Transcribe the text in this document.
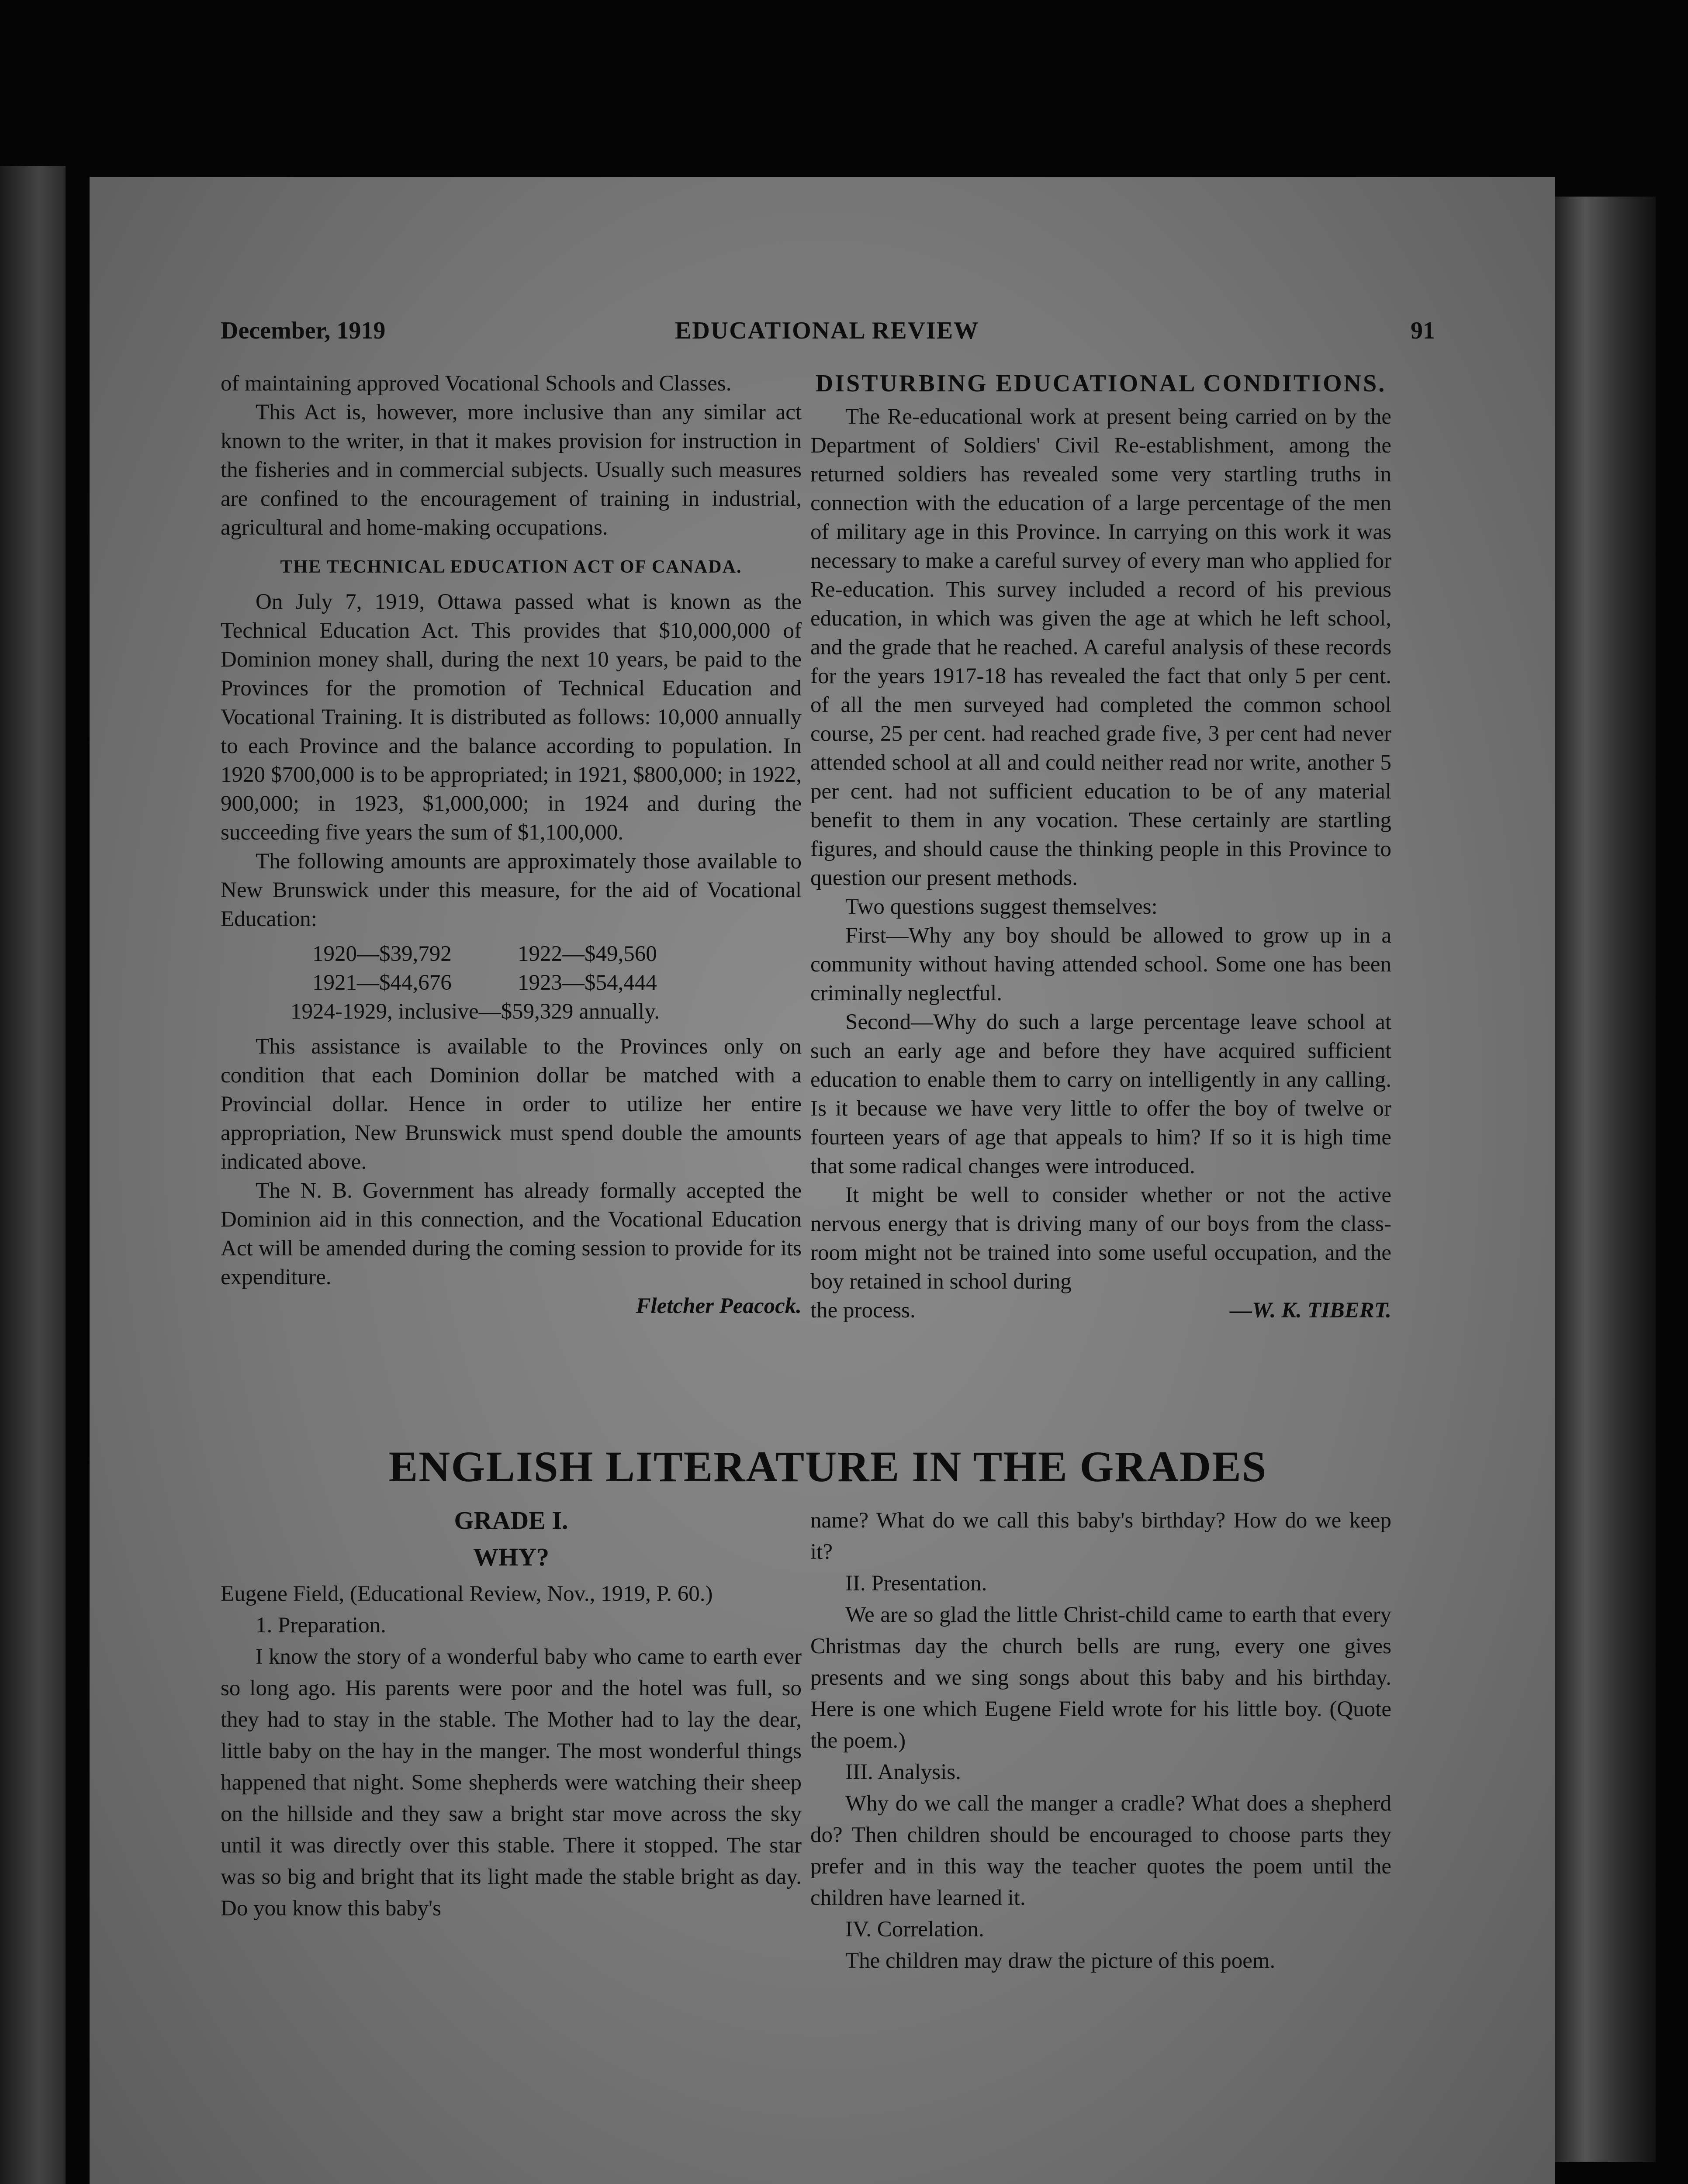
December, 1919	EDUCATIONAL REVIEW	91

of maintaining approved Vocational Schools and Classes.

This Act is, however, more inclusive than any similar act known to the writer, in that it makes provision for instruction in the fisheries and in commercial subjects. Usually such measures are confined to the encouragement of training in industrial, agricultural and home-making occupations.

THE TECHNICAL EDUCATION ACT OF CANADA.

On July 7, 1919, Ottawa passed what is known as the Technical Education Act. This provides that $10,000,000 of Dominion money shall, during the next 10 years, be paid to the Provinces for the promotion of Technical Education and Vocational Training. It is distributed as follows: 10,000 annually to each Province and the balance according to population. In 1920 $700,000 is to be appropriated; in 1921, $800,000; in 1922, 900,000; in 1923, $1,000,000; in 1924 and during the succeeding five years the sum of $1,100,000.

The following amounts are approximately those available to New Brunswick under this measure, for the aid of Vocational Education:

1920—$39,792	1922—$49,560
1921—$44,676	1923—$54,444
1924-1929, inclusive—$59,329 annually.

This assistance is available to the Provinces only on condition that each Dominion dollar be matched with a Provincial dollar. Hence in order to utilize her entire appropriation, New Brunswick must spend double the amounts indicated above.

The N. B. Government has already formally accepted the Dominion aid in this connection, and the Vocational Education Act will be amended during the coming session to provide for its expenditure.

Fletcher Peacock.

DISTURBING EDUCATIONAL CONDITIONS.

The Re-educational work at present being carried on by the Department of Soldiers' Civil Re-establishment, among the returned soldiers has revealed some very startling truths in connection with the education of a large percentage of the men of military age in this Province. In carrying on this work it was necessary to make a careful survey of every man who applied for Re-education. This survey included a record of his previous education, in which was given the age at which he left school, and the grade that he reached. A careful analysis of these records for the years 1917-18 has revealed the fact that only 5 per cent. of all the men surveyed had completed the common school course, 25 per cent. had reached grade five, 3 per cent had never attended school at all and could neither read nor write, another 5 per cent. had not sufficient education to be of any material benefit to them in any vocation. These certainly are startling figures, and should cause the thinking people in this Province to question our present methods.

Two questions suggest themselves:

First—Why any boy should be allowed to grow up in a community without having attended school. Some one has been criminally neglectful.

Second—Why do such a large percentage leave school at such an early age and before they have acquired sufficient education to enable them to carry on intelligently in any calling. Is it because we have very little to offer the boy of twelve or fourteen years of age that appeals to him? If so it is high time that some radical changes were introduced.

It might be well to consider whether or not the active nervous energy that is driving many of our boys from the class-room might not be trained into some useful occupation, and the boy retained in school during

the process.	—W. K. TIBERT.
ENGLISH LITERATURE IN THE GRADES
GRADE I.
WHY?

Eugene Field, (Educational Review, Nov., 1919, P. 60.)

1. Preparation.

I know the story of a wonderful baby who came to earth ever so long ago. His parents were poor and the hotel was full, so they had to stay in the stable. The Mother had to lay the dear, little baby on the hay in the manger. The most wonderful things happened that night. Some shepherds were watching their sheep on the hillside and they saw a bright star move across the sky until it was directly over this stable. There it stopped. The star was so big and bright that its light made the stable bright as day. Do you know this baby's

name? What do we call this baby's birthday? How do we keep it?

II. Presentation.

We are so glad the little Christ-child came to earth that every Christmas day the church bells are rung, every one gives presents and we sing songs about this baby and his birthday. Here is one which Eugene Field wrote for his little boy. (Quote the poem.)

III. Analysis.

Why do we call the manger a cradle? What does a shepherd do? Then children should be encouraged to choose parts they prefer and in this way the teacher quotes the poem until the children have learned it.

IV. Correlation.

The children may draw the picture of this poem.
